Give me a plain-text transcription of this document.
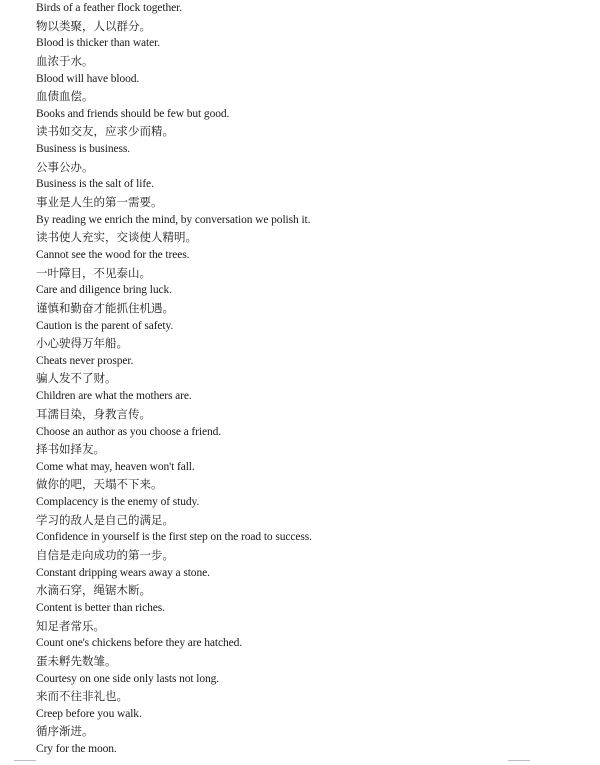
Birds of a feather flock together.
物以类聚，人以群分。
Blood is thicker than water.
血浓于水。
Blood will have blood.
血债血偿。
Books and friends should be few but good.
读书如交友，应求少而精。
Business is business.
公事公办。
Business is the salt of life.
事业是人生的第一需要。
By reading we enrich the mind, by conversation we polish it.
读书使人充实，交谈使人精明。
Cannot see the wood for the trees.
一叶障目，不见泰山。
Care and diligence bring luck.
谨慎和勤奋才能抓住机遇。
Caution is the parent of safety.
小心驶得万年船。
Cheats never prosper.
骗人发不了财。
Children are what the mothers are.
耳濡目染，身教言传。
Choose an author as you choose a friend.
择书如择友。
Come what may, heaven won't fall.
做你的吧，天塌不下来。
Complacency is the enemy of study.
学习的敌人是自己的满足。
Confidence in yourself is the first step on the road to success.
自信是走向成功的第一步。
Constant dripping wears away a stone.
水滴石穿，绳锯木断。
Content is better than riches.
知足者常乐。
Count one's chickens before they are hatched.
蛋未孵先数雏。
Courtesy on one side only lasts not long.
来而不往非礼也。
Creep before you walk.
循序渐进。
Cry for the moon.
